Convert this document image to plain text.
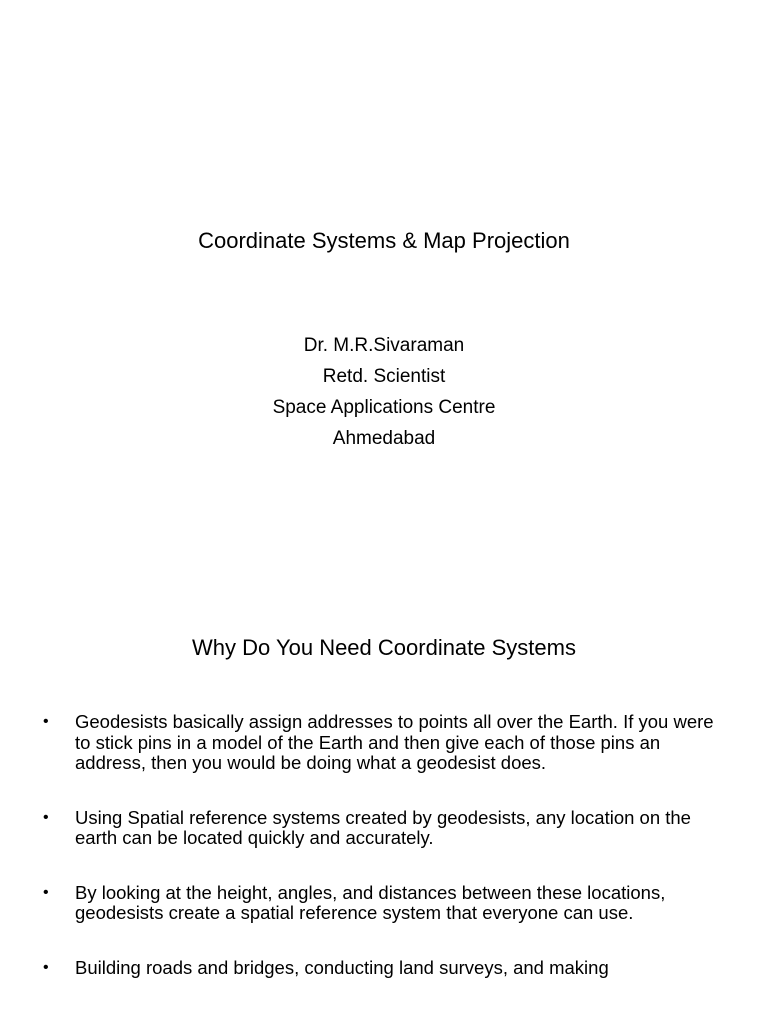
Coordinate Systems & Map Projection
Dr. M.R.Sivaraman
Retd. Scientist
Space Applications Centre
Ahmedabad
Why Do You Need Coordinate Systems
• Geodesists basically assign addresses to points all over the Earth. If you were to stick pins in a model of the Earth and then give each of those pins an address, then you would be doing what a geodesist does.
• Using Spatial reference systems created by geodesists, any location on the earth can be located quickly and accurately.
• By looking at the height, angles, and distances between these locations, geodesists create a spatial reference system that everyone can use.
• Building roads and bridges, conducting land surveys, and making
